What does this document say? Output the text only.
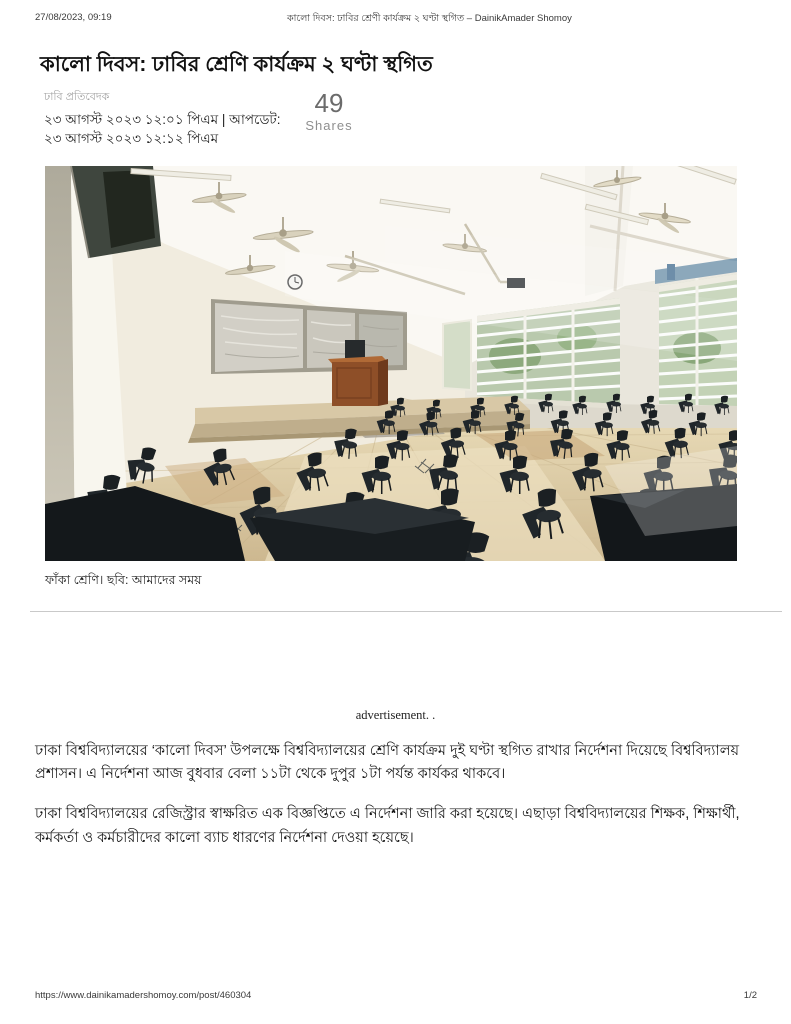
27/08/2023, 09:19	কালো দিবস: ঢাবির শ্রেণী কার্যক্রম ২ ঘণ্টা স্থগিত – DainikAmader Shomoy
কালো দিবস: ঢাবির শ্রেণি কার্যক্রম ২ ঘণ্টা স্থগিত
ঢাবি প্রতিবেদক
২৩ আগস্ট ২০২৩ ১২:০১ পিএম | আপডেট: ২৩ আগস্ট ২০২৩ ১২:১২ পিএম
49
Shares
ফাঁকা শ্রেণি। ছবি: আমাদের সময়
advertisement. .

ঢাকা বিশ্ববিদ্যালয়ের ‘কালো দিবস’ উপলক্ষে বিশ্ববিদ্যালয়ের শ্রেণি কার্যক্রম দুই ঘণ্টা স্থগিত রাখার নির্দেশনা দিয়েছে বিশ্ববিদ্যালয় প্রশাসন। এ নির্দেশনা আজ বুধবার বেলা ১১টা থেকে দুপুর ১টা পর্যন্ত কার্যকর থাকবে।

ঢাকা বিশ্ববিদ্যালয়ের রেজিস্ট্রার স্বাক্ষরিত এক বিজ্ঞপ্তিতে এ নির্দেশনা জারি করা হয়েছে। এছাড়া বিশ্ববিদ্যালয়ের শিক্ষক, শিক্ষার্থী, কর্মকর্তা ও কর্মচারীদের কালো ব্যাচ ধারণের নির্দেশনা দেওয়া হয়েছে।

https://www.dainikamadershomoy.com/post/460304	1/2
